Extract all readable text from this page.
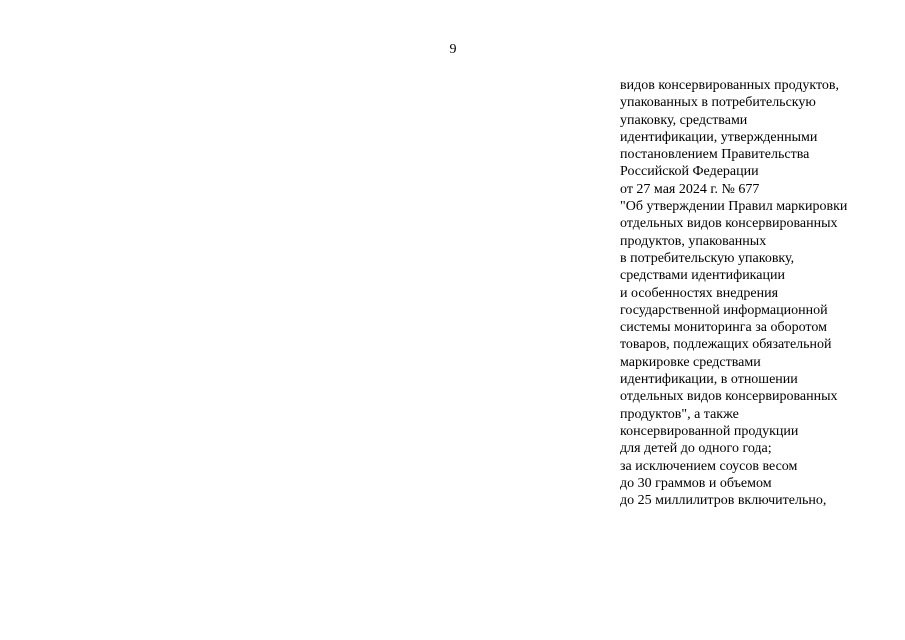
9
видов консервированных продуктов,
упакованных в потребительскую
упаковку, средствами
идентификации, утвержденными
постановлением Правительства
Российской Федерации
от 27 мая 2024 г. № 677
"Об утверждении Правил маркировки
отдельных видов консервированных
продуктов, упакованных
в потребительскую упаковку,
средствами идентификации
и особенностях внедрения
государственной информационной
системы мониторинга за оборотом
товаров, подлежащих обязательной
маркировке средствами
идентификации, в отношении
отдельных видов консервированных
продуктов", а также
консервированной продукции
для детей до одного года;
за исключением соусов весом
до 30 граммов и объемом
до 25 миллилитров включительно,
